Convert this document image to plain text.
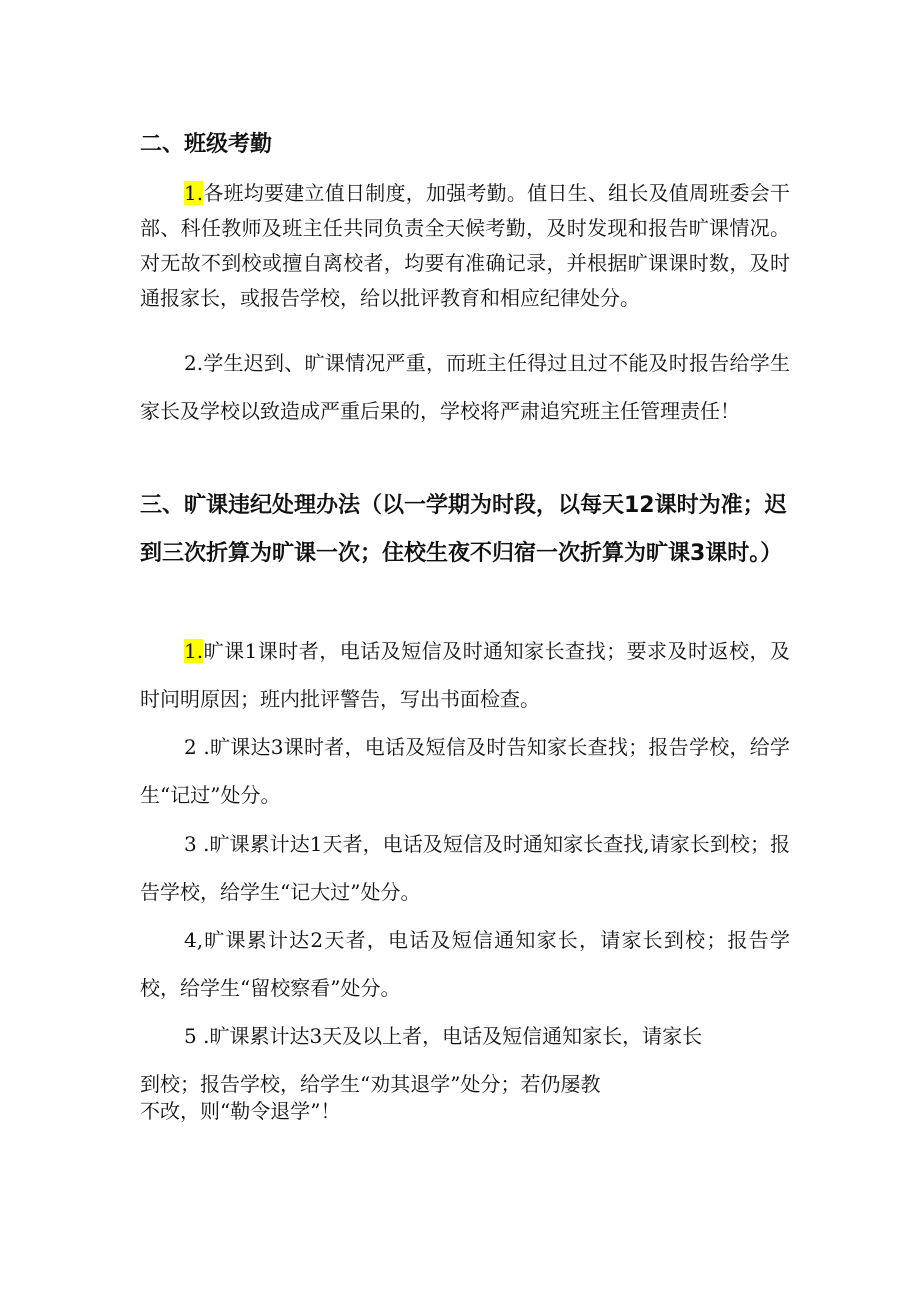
二、班级考勤

1.各班均要建立值日制度，加强考勤。值日生、组长及值周班委会干部、科任教师及班主任共同负责全天候考勤，及时发现和报告旷课情况。对无故不到校或擅自离校者，均要有准确记录，并根据旷课课时数，及时通报家长，或报告学校，给以批评教育和相应纪律处分。

2.学生迟到、旷课情况严重，而班主任得过且过不能及时报告给学生家长及学校以致造成严重后果的，学校将严肃追究班主任管理责任！

三、旷课违纪处理办法（以一学期为时段，以每天12课时为准；迟到三次折算为旷课一次；住校生夜不归宿一次折算为旷课3课时。）

1.旷课1课时者，电话及短信及时通知家长查找；要求及时返校，及时问明原因；班内批评警告，写出书面检查。

2 .旷课达3课时者，电话及短信及时告知家长查找；报告学校，给学生“记过”处分。

3 .旷课累计达1天者，电话及短信及时通知家长查找,请家长到校；报告学校，给学生“记大过”处分。

4,旷课累计达2天者，电话及短信通知家长，请家长到校；报告学校，给学生“留校察看”处分。

5 .旷课累计达3天及以上者，电话及短信通知家长，请家长
到校；报告学校，给学生“劝其退学”处分；若仍屡教
不改，则“勒令退学”！
